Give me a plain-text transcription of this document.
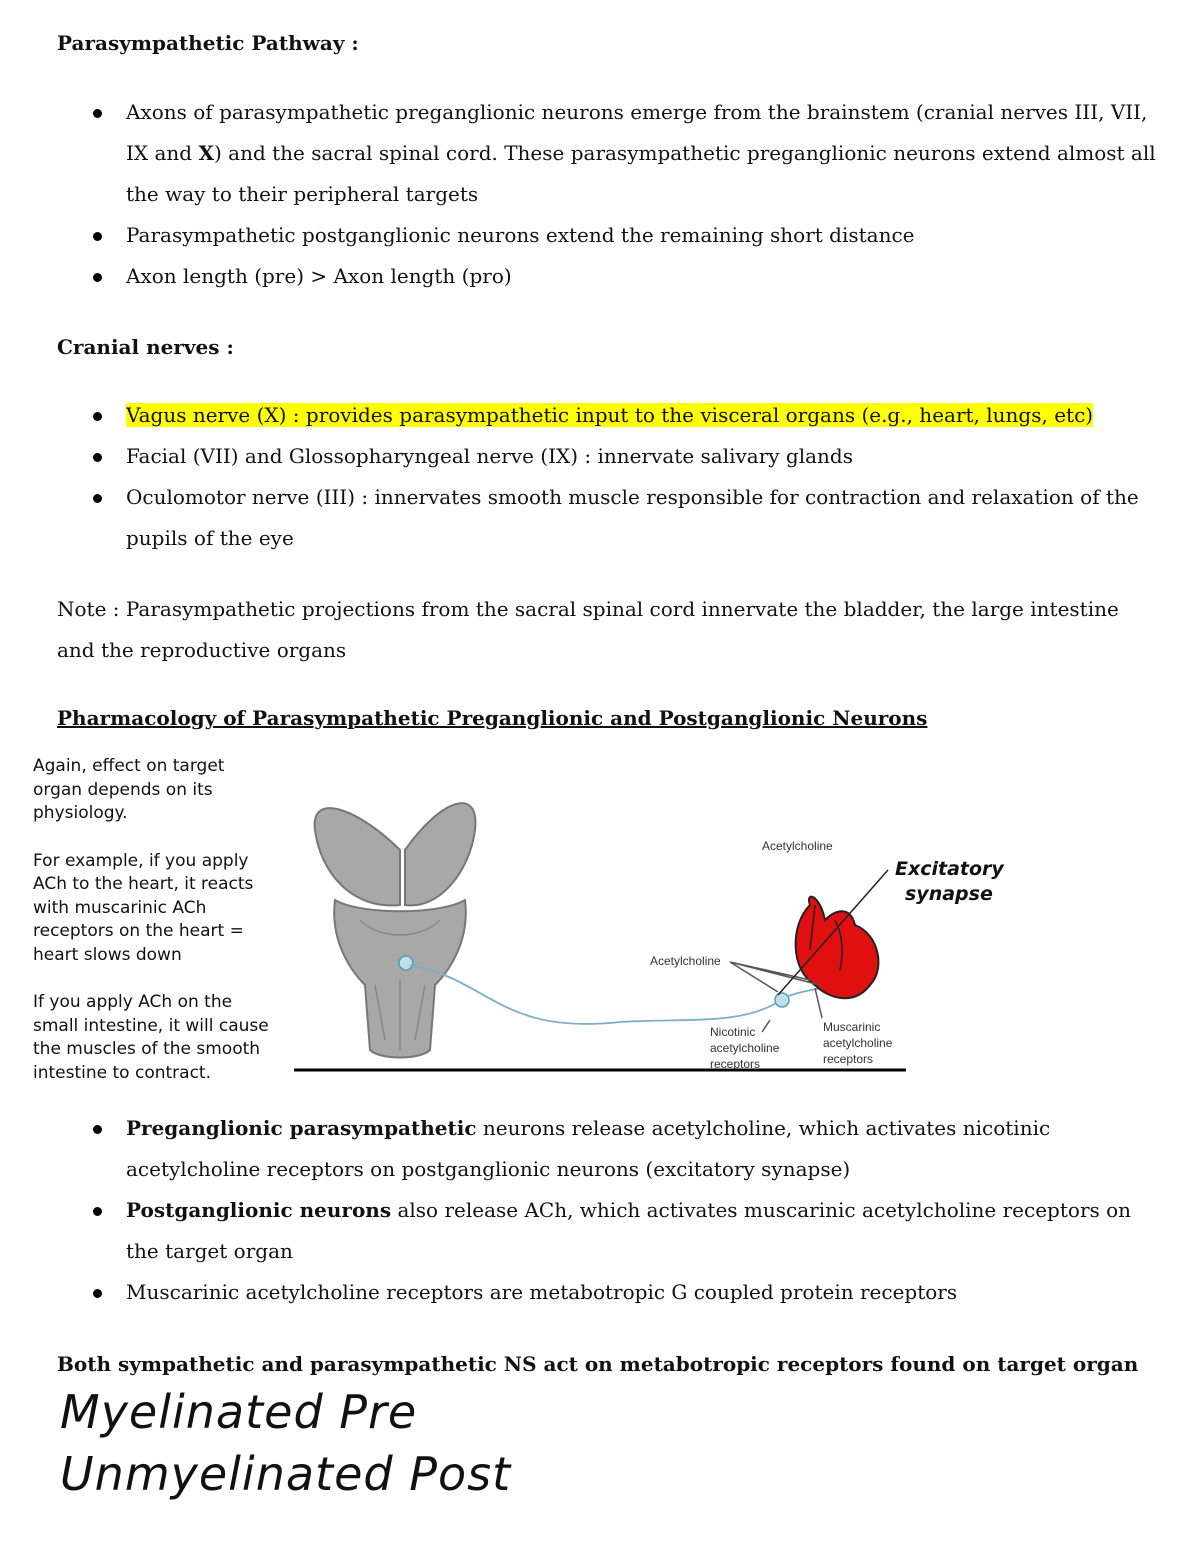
Parasympathetic Pathway :
Axons of parasympathetic preganglionic neurons emerge from the brainstem (cranial nerves III, VII, IX and X) and the sacral spinal cord. These parasympathetic preganglionic neurons extend almost all the way to their peripheral targets
Parasympathetic postganglionic neurons extend the remaining short distance
Axon length (pre) > Axon length (pro)
Cranial nerves :
Vagus nerve (X) : provides parasympathetic input to the visceral organs (e.g., heart, lungs, etc)
Facial (VII) and Glossopharyngeal nerve (IX) : innervate salivary glands
Oculomotor nerve (III) : innervates smooth muscle responsible for contraction and relaxation of the pupils of the eye
Note : Parasympathetic projections from the sacral spinal cord innervate the bladder, the large intestine and the reproductive organs
Pharmacology of Parasympathetic Preganglionic and Postganglionic Neurons
Again, effect on target organ depends on its physiology.
For example, if you apply ACh to the heart, it reacts with muscarinic ACh receptors on the heart = heart slows down
If you apply ACh on the small intestine, it will cause the muscles of the smooth intestine to contract.
Acetylcholine
Acetylcholine
Nicotinic
acetylcholine
receptors
Muscarinic
acetylcholine
receptors
Excitatory
synapse
Preganglionic parasympathetic neurons release acetylcholine, which activates nicotinic acetylcholine receptors on postganglionic neurons (excitatory synapse)
Postganglionic neurons also release ACh, which activates muscarinic acetylcholine receptors on the target organ
Muscarinic acetylcholine receptors are metabotropic G coupled protein receptors
Both sympathetic and parasympathetic NS act on metabotropic receptors found on target organ
Myelinated Pre
Unmyelinated Post
